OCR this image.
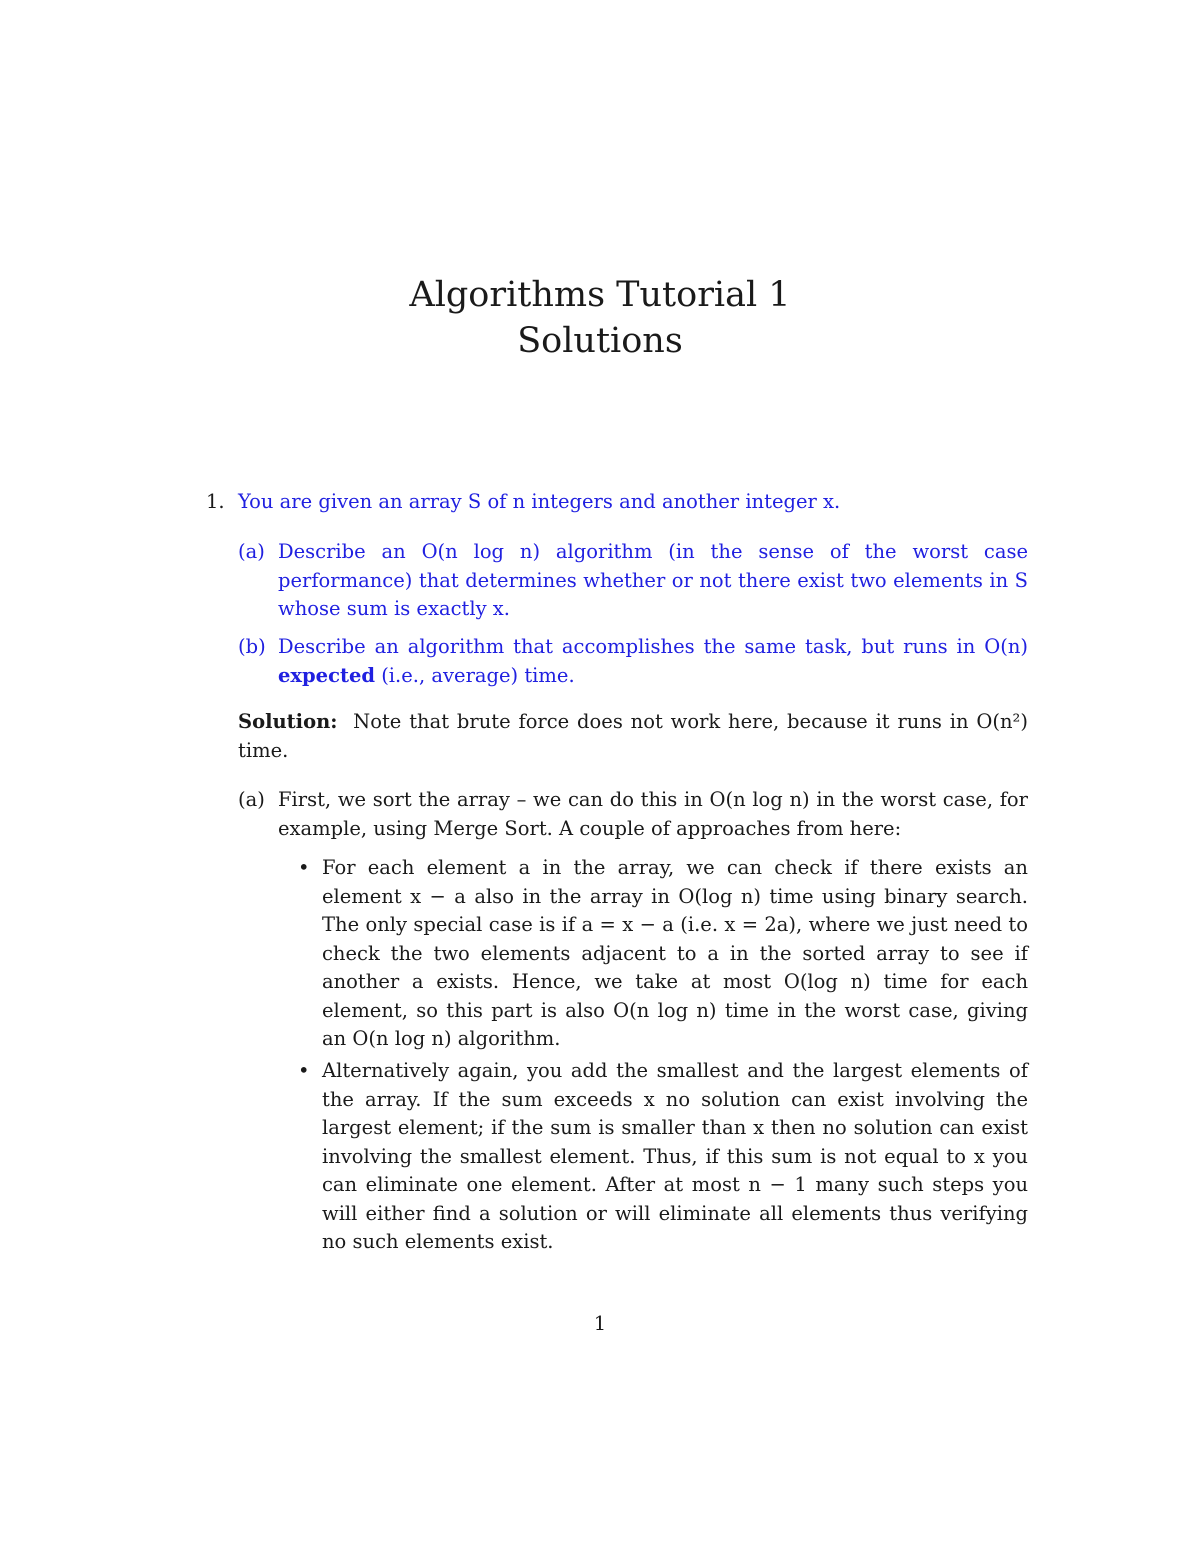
Algorithms Tutorial 1
Solutions
1. You are given an array S of n integers and another integer x.
(a) Describe an O(n log n) algorithm (in the sense of the worst case performance) that determines whether or not there exist two elements in S whose sum is exactly x.
(b) Describe an algorithm that accomplishes the same task, but runs in O(n) expected (i.e., average) time.
Solution: Note that brute force does not work here, because it runs in O(n²) time.
(a) First, we sort the array – we can do this in O(n log n) in the worst case, for example, using Merge Sort. A couple of approaches from here:
• For each element a in the array, we can check if there exists an element x − a also in the array in O(log n) time using binary search. The only special case is if a = x − a (i.e. x = 2a), where we just need to check the two elements adjacent to a in the sorted array to see if another a exists. Hence, we take at most O(log n) time for each element, so this part is also O(n log n) time in the worst case, giving an O(n log n) algorithm.
• Alternatively again, you add the smallest and the largest elements of the array. If the sum exceeds x no solution can exist involving the largest element; if the sum is smaller than x then no solution can exist involving the smallest element. Thus, if this sum is not equal to x you can eliminate one element. After at most n − 1 many such steps you will either find a solution or will eliminate all elements thus verifying no such elements exist.
1
